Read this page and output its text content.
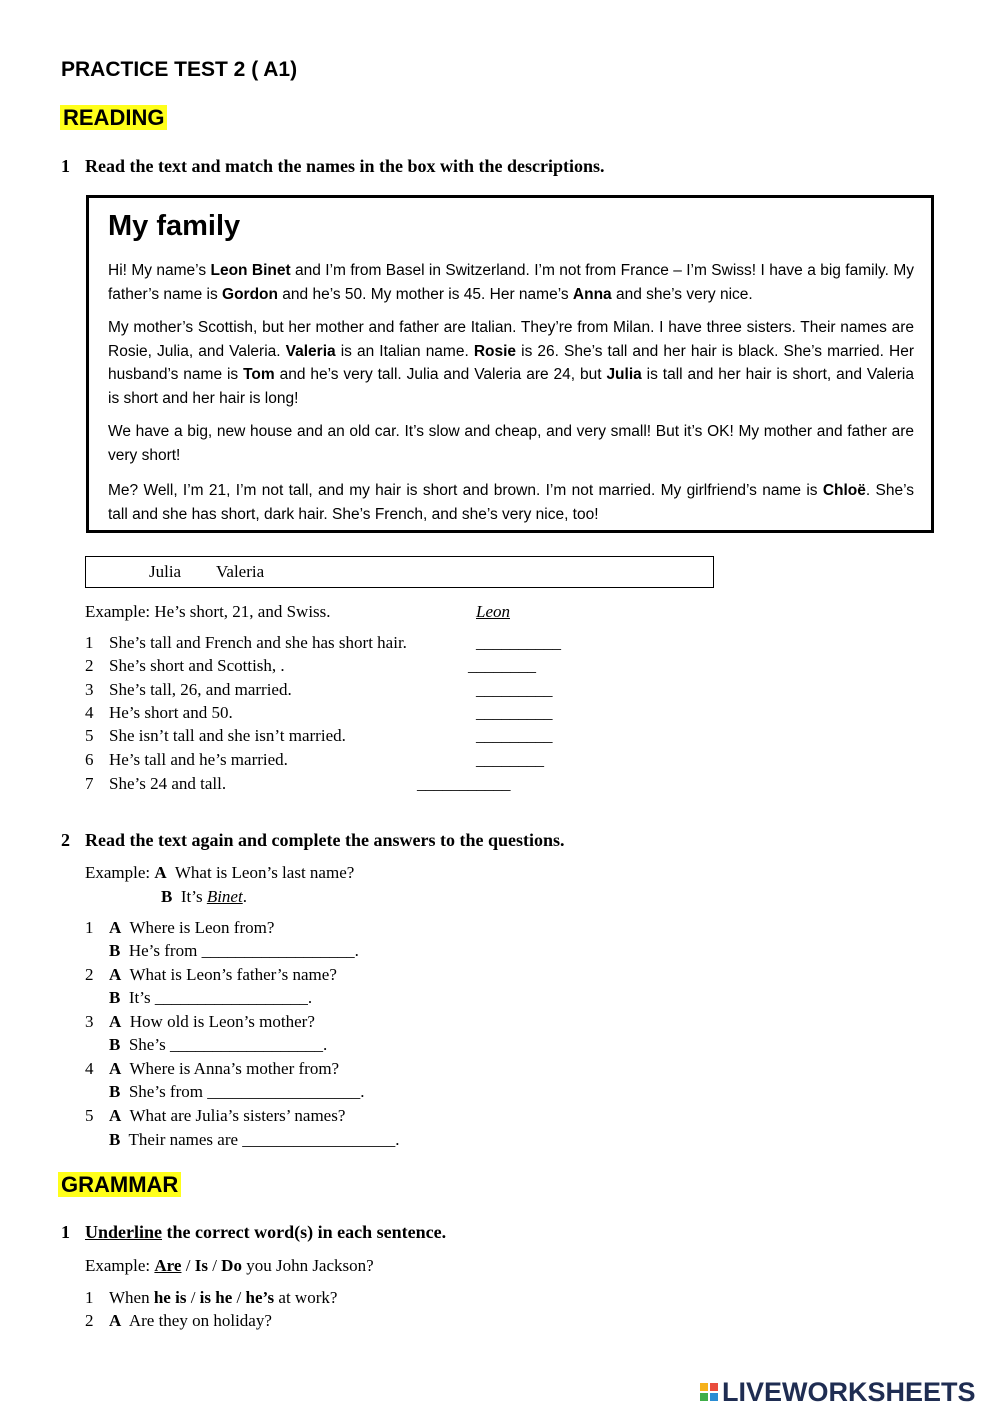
PRACTICE TEST 2 ( A1)
READING
1 Read the text and match the names in the box with the descriptions.
My family
Hi! My name’s Leon Binet and I’m from Basel in Switzerland. I’m not from France – I’m Swiss! I have a big family. My father’s name is Gordon and he’s 50. My mother is 45. Her name’s Anna and she’s very nice.
My mother’s Scottish, but her mother and father are Italian. They’re from Milan. I have three sisters. Their names are Rosie, Julia, and Valeria. Valeria is an Italian name. Rosie is 26. She’s tall and her hair is black. She’s married. Her husband’s name is Tom and he’s very tall. Julia and Valeria are 24, but Julia is tall and her hair is short, and Valeria is short and her hair is long!
We have a big, new house and an old car. It’s slow and cheap, and very small! But it’s OK! My mother and father are very short!
Me? Well, I’m 21, I’m not tall, and my hair is short and brown. I’m not married. My girlfriend’s name is Chloë. She’s tall and she has short, dark hair. She’s French, and she’s very nice, too!
Julia Valeria
Example: He’s short, 21, and Swiss.	Leon
1 She’s tall and French and she has short hair.	__________
2 She’s short and Scottish, .	________
3 She’s tall, 26, and married.	_________
4 He’s short and 50.	_________
5 She isn’t tall and she isn’t married.	_________
6 He’s tall and he’s married.	________
7 She’s 24 and tall.	___________
2 Read the text again and complete the answers to the questions.
Example: A What is Leon’s last name?
B It’s Binet.
1 A Where is Leon from?
B He’s from __________________.
2 A What is Leon’s father’s name?
B It’s __________________.
3 A How old is Leon’s mother?
B She’s __________________.
4 A Where is Anna’s mother from?
B She’s from __________________.
5 A What are Julia’s sisters’ names?
B Their names are __________________.
GRAMMAR
1 Underline the correct word(s) in each sentence.
Example: Are / Is / Do you John Jackson?
1 When he is / is he / he’s at work?
2 A Are they on holiday?
LIVEWORKSHEETS
